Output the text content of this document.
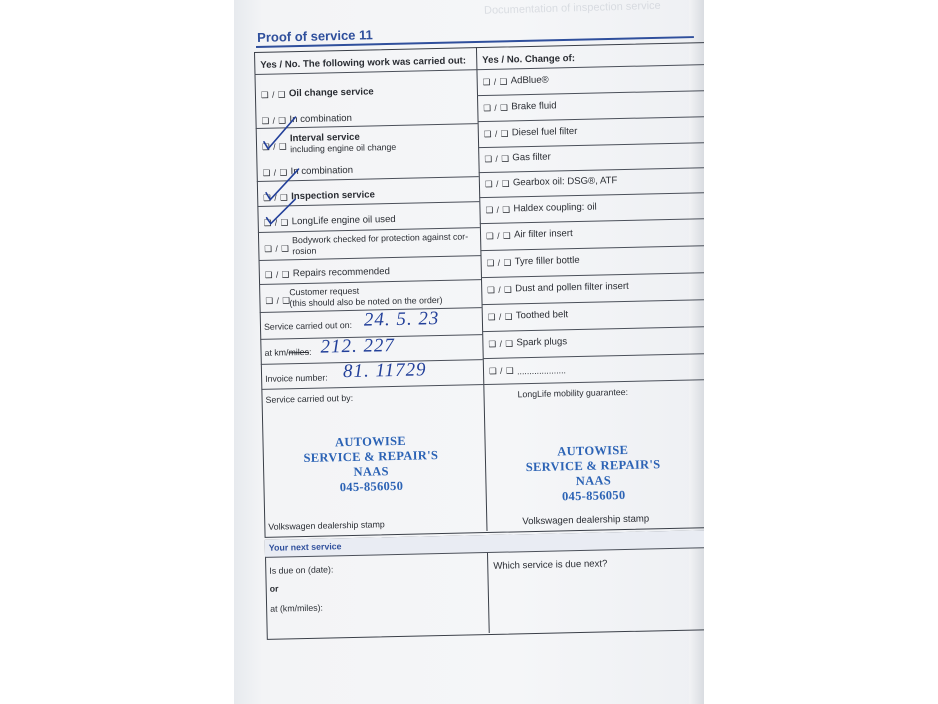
Documentation of inspection service
Proof of service 11
Yes / No. The following work was carried out: Yes / No. Change of:
❑ / ❑ Oil change service
❑ / ❑ In combination
❑ / ❑
Interval service
including engine oil change
❑ / ❑ In combination
❑ / ❑ Inspection service
❑ / ❑ LongLife engine oil used
❑ / ❑
Bodywork checked for protection against cor-
rosion
❑ / ❑ Repairs recommended
❑ / ❑
Customer request
(this should also be noted on the order)
Service carried out on: 24. 5. 23
at km/miles: 212. 227
Invoice number: 81. 11729
❑ / ❑ AdBlue®
❑ / ❑ Brake fluid
❑ / ❑ Diesel fuel filter
❑ / ❑ Gas filter
❑ / ❑ Gearbox oil: DSG®, ATF
❑ / ❑ Haldex coupling: oil
❑ / ❑ Air filter insert
❑ / ❑ Tyre filler bottle
❑ / ❑ Dust and pollen filter insert
❑ / ❑ Toothed belt
❑ / ❑ Spark plugs
❑ / ❑ ....................
Service carried out by:	LongLife mobility guarantee:
AUTOWISE
SERVICE & REPAIR'S
NAAS
045-856050
AUTOWISE
SERVICE & REPAIR'S
NAAS
045-856050
Volkswagen dealership stamp	Volkswagen dealership stamp
Your next service
Is due on (date):
or
at (km/miles):
Which service is due next?
